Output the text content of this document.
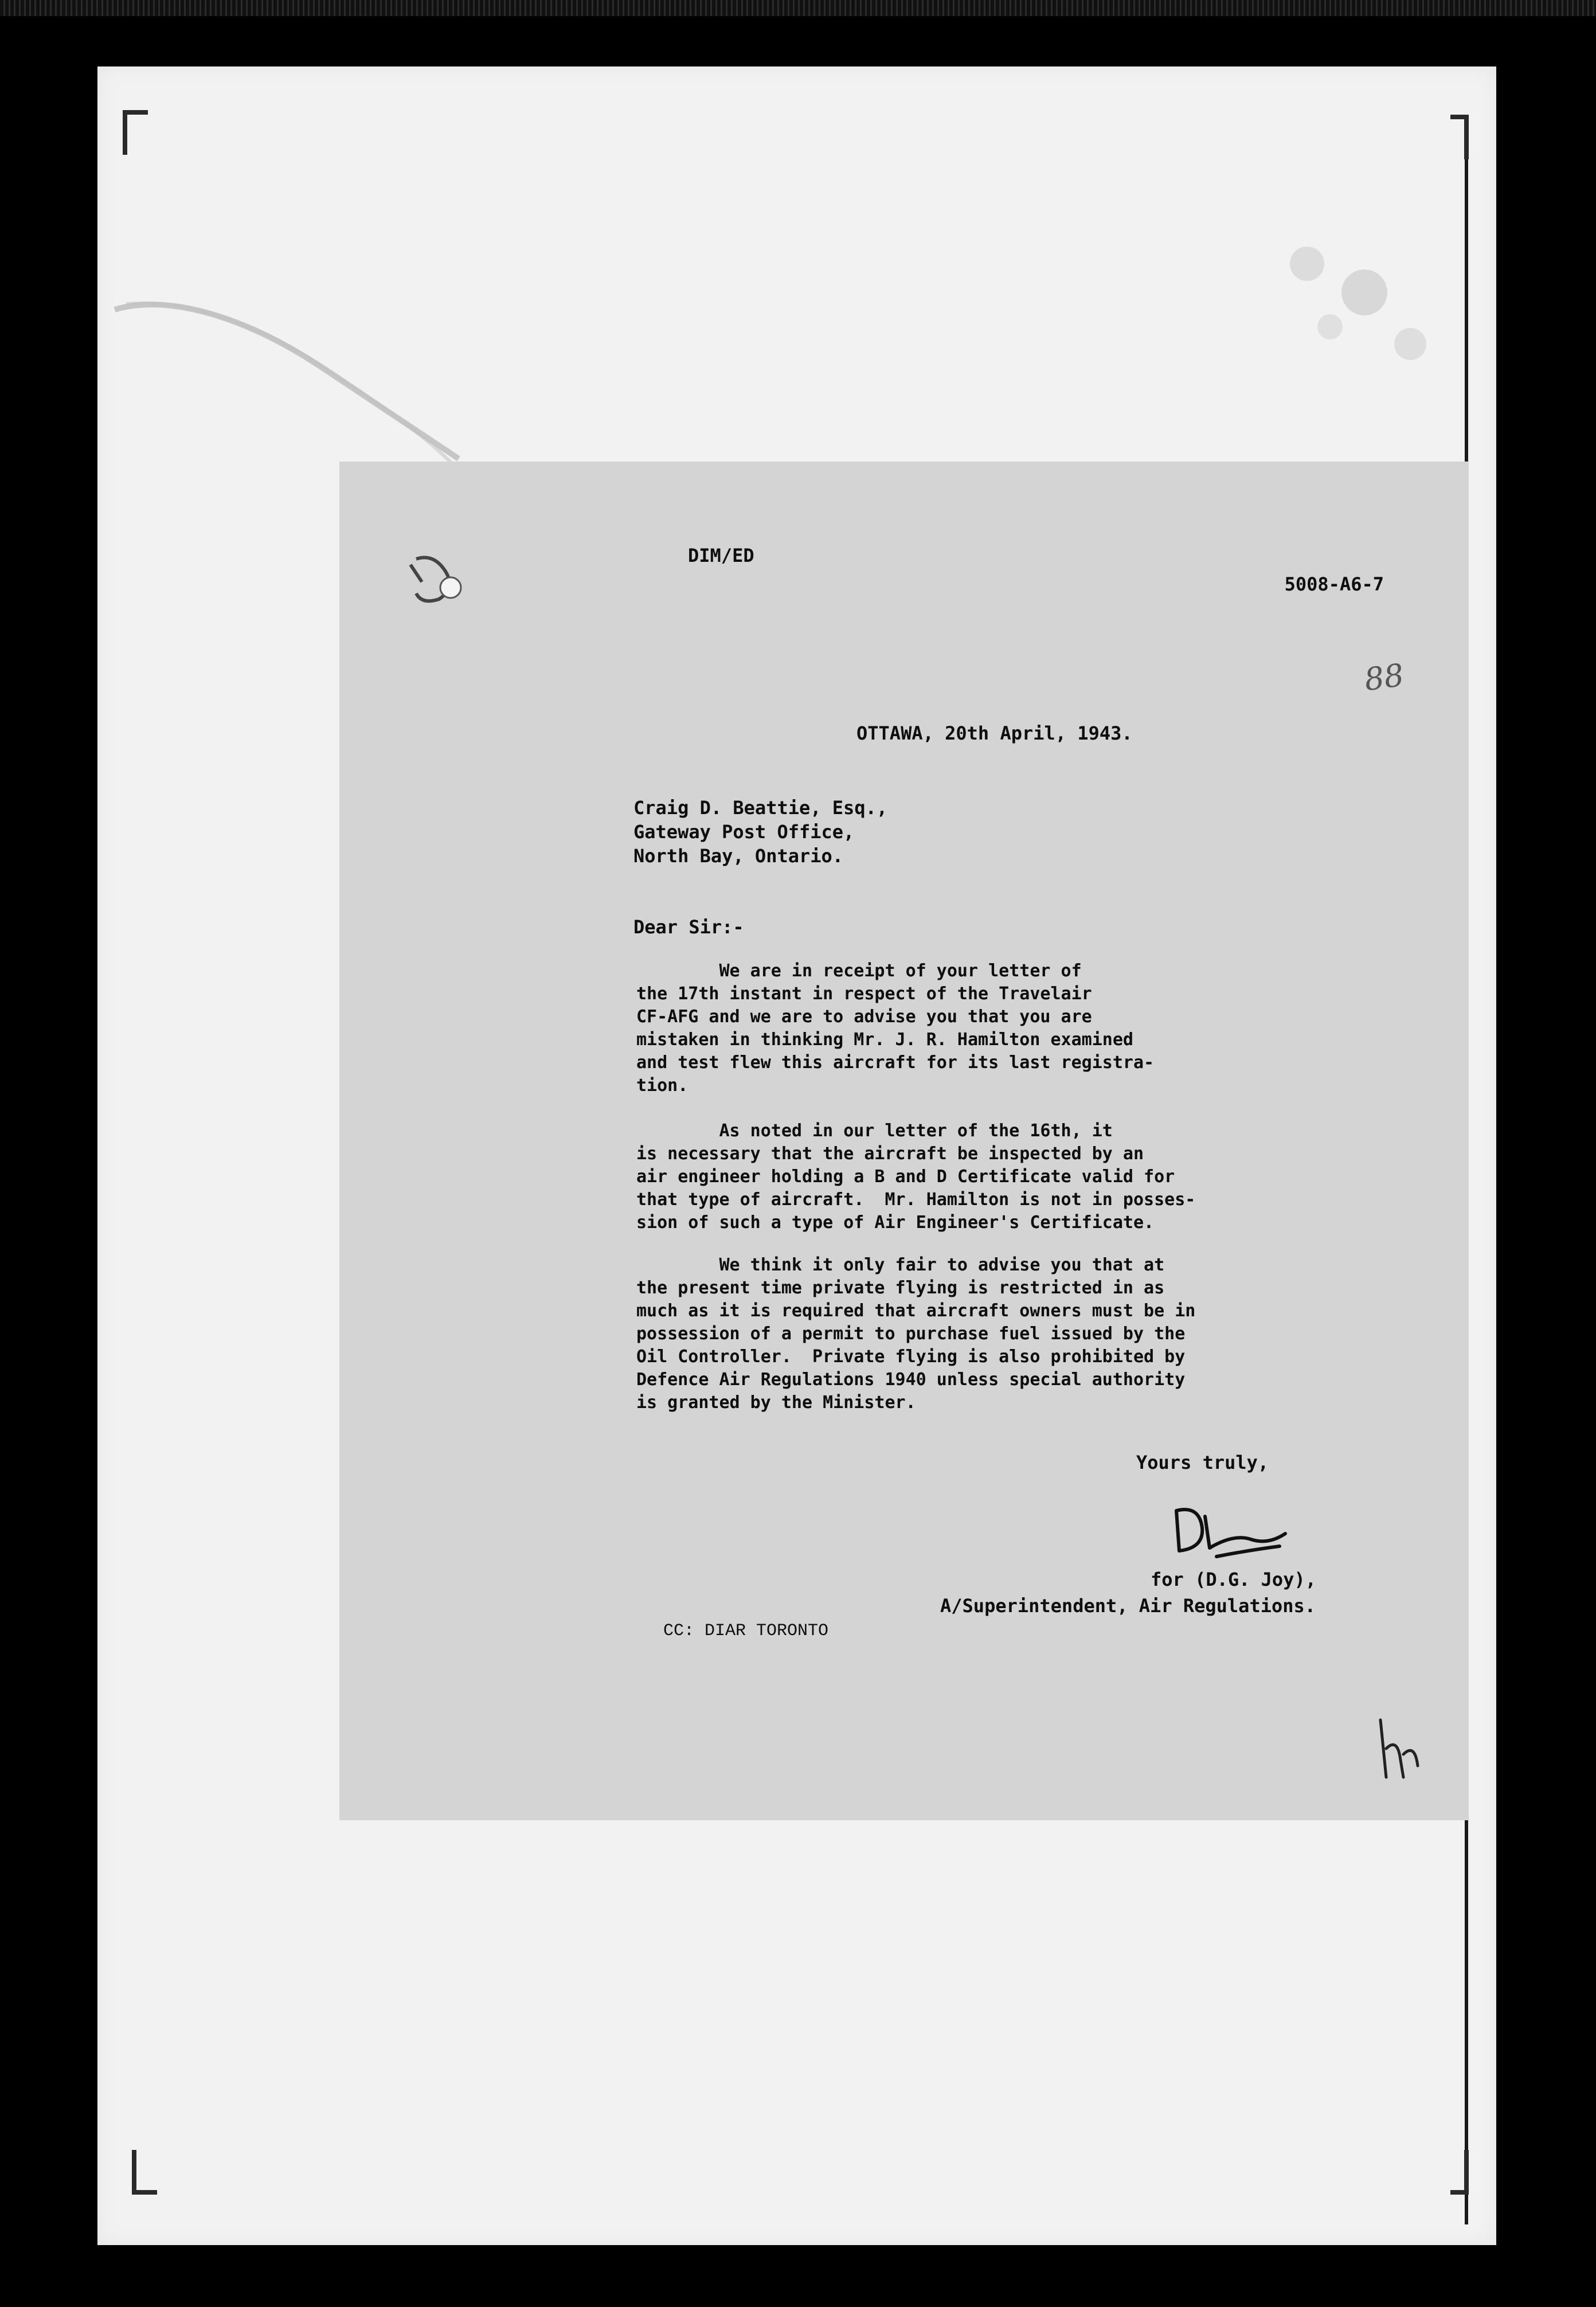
DIM/ED
5008-A6-7
OTTAWA, 20th April, 1943.
Craig D. Beattie, Esq.,
Gateway Post Office,
North Bay, Ontario.
Dear Sir:-
We are in receipt of your letter of
the 17th instant in respect of the Travelair
CF-AFG and we are to advise you that you are
mistaken in thinking Mr. J. R. Hamilton examined
and test flew this aircraft for its last registra-
tion.
As noted in our letter of the 16th, it
is necessary that the aircraft be inspected by an
air engineer holding a B and D Certificate valid for
that type of aircraft.  Mr. Hamilton is not in posses-
sion of such a type of Air Engineer's Certificate.
We think it only fair to advise you that at
the present time private flying is restricted in as
much as it is required that aircraft owners must be in
possession of a permit to purchase fuel issued by the
Oil Controller.  Private flying is also prohibited by
Defence Air Regulations 1940 unless special authority
is granted by the Minister.
Yours truly,
for (D.G. Joy),
A/Superintendent, Air Regulations.
CC: DIAR TORONTO
88
